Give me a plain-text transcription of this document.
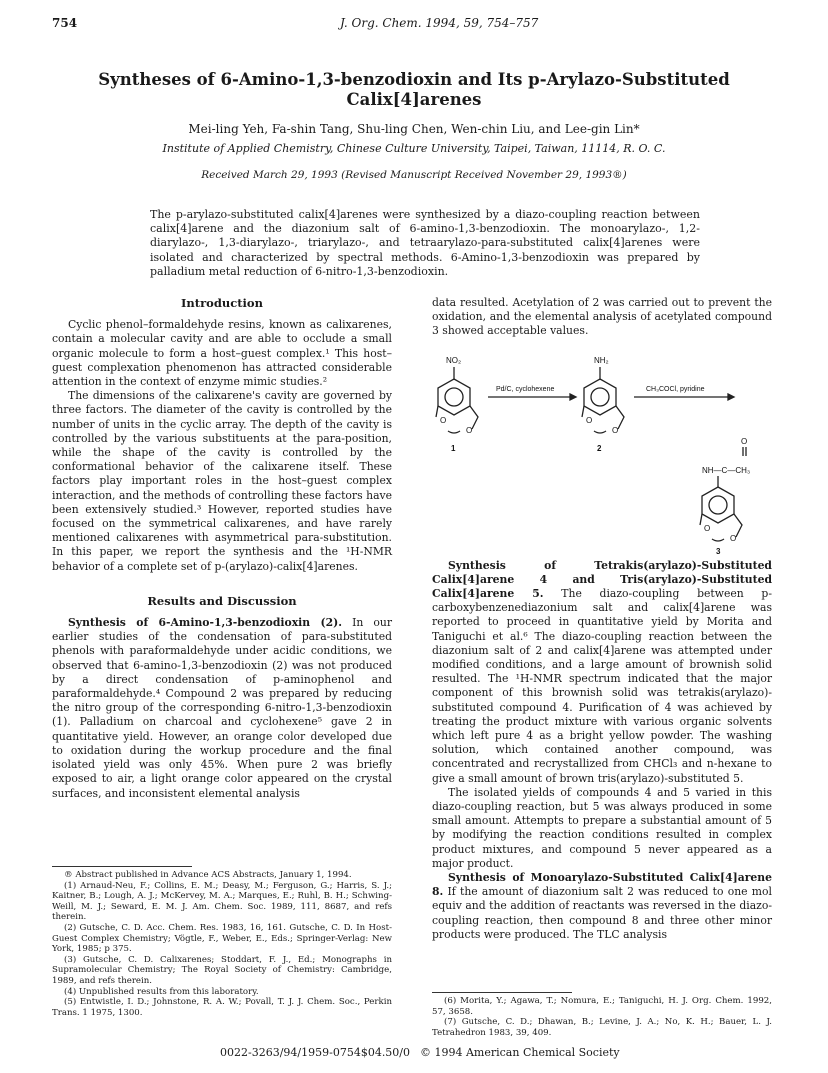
754	J. Org. Chem. 1994, 59, 754–757
Syntheses of 6-Amino-1,3-benzodioxin and Its p-Arylazo-Substituted Calix[4]arenes
Mei-ling Yeh, Fa-shin Tang, Shu-ling Chen, Wen-chin Liu, and Lee-gin Lin*
Institute of Applied Chemistry, Chinese Culture University, Taipei, Taiwan, 11114, R. O. C.
Received March 29, 1993 (Revised Manuscript Received November 29, 1993®)
The p-arylazo-substituted calix[4]arenes were synthesized by a diazo-coupling reaction between calix[4]arene and the diazonium salt of 6-amino-1,3-benzodioxin. The monoarylazo-, 1,2-diarylazo-, 1,3-diarylazo-, triarylazo-, and tetraarylazo-para-substituted calix[4]arenes were isolated and characterized by spectral methods. 6-Amino-1,3-benzodioxin was prepared by palladium metal reduction of 6-nitro-1,3-benzodioxin.
Introduction

Cyclic phenol–formaldehyde resins, known as calixarenes, contain a molecular cavity and are able to occlude a small organic molecule to form a host–guest complex.¹ This host–guest complexation phenomenon has attracted considerable attention in the context of enzyme mimic studies.²

The dimensions of the calixarene's cavity are governed by three factors. The diameter of the cavity is controlled by the number of units in the cyclic array. The depth of the cavity is controlled by the various substituents at the para-position, while the shape of the cavity is controlled by the conformational behavior of the calixarene itself. These factors play important roles in the host–guest complex interaction, and the methods of controlling these factors have been extensively studied.³ However, reported studies have focused on the symmetrical calixarenes, and have rarely mentioned calixarenes with asymmetrical para-substitution. In this paper, we report the synthesis and the ¹H-NMR behavior of a complete set of p-(arylazo)-calix[4]arenes.

Results and Discussion

Synthesis of 6-Amino-1,3-benzodioxin (2). In our earlier studies of the condensation of para-substituted phenols with paraformaldehyde under acidic conditions, we observed that 6-amino-1,3-benzodioxin (2) was not produced by a direct condensation of p-aminophenol and paraformaldehyde.⁴ Compound 2 was prepared by reducing the nitro group of the corresponding 6-nitro-1,3-benzodioxin (1). Palladium on charcoal and cyclohexene⁵ gave 2 in quantitative yield. However, an orange color developed due to oxidation during the workup procedure and the final isolated yield was only 45%. When pure 2 was briefly exposed to air, a light orange color appeared on the crystal surfaces, and inconsistent elemental analysis

® Abstract published in Advance ACS Abstracts, January 1, 1994.

(1) Arnaud-Neu, F.; Collins, E. M.; Deasy, M.; Ferguson, G.; Harris, S. J.; Kaitner, B.; Lough, A. J.; McKervey, M. A.; Marques, E.; Ruhl, B. H.; Schwing-Weill, M. J.; Seward, E. M. J. Am. Chem. Soc. 1989, 111, 8687, and refs therein.

(2) Gutsche, C. D. Acc. Chem. Res. 1983, 16, 161. Gutsche, C. D. In Host-Guest Complex Chemistry; Vögtle, F., Weber, E., Eds.; Springer-Verlag: New York, 1985; p 375.

(3) Gutsche, C. D. Calixarenes; Stoddart, F. J., Ed.; Monographs in Supramolecular Chemistry; The Royal Society of Chemistry: Cambridge, 1989, and refs therein.

(4) Unpublished results from this laboratory.

(5) Entwistle, I. D.; Johnstone, R. A. W.; Povall, T. J. J. Chem. Soc., Perkin Trans. 1 1975, 1300.

data resulted. Acetylation of 2 was carried out to prevent the oxidation, and the elemental analysis of acetylated compound 3 showed acceptable values.

Synthesis of Tetrakis(arylazo)-Substituted Calix[4]arene 4 and Tris(arylazo)-Substituted Calix[4]arene 5. The diazo-coupling between p-carboxybenzenediazonium salt and calix[4]arene was reported to proceed in quantitative yield by Morita and Taniguchi et al.⁶ The diazo-coupling reaction between the diazonium salt of 2 and calix[4]arene was attempted under modified conditions, and a large amount of brownish solid resulted. The ¹H-NMR spectrum indicated that the major component of this brownish solid was tetrakis(arylazo)-substituted compound 4. Purification of 4 was achieved by treating the product mixture with various organic solvents which left pure 4 as a bright yellow powder. The washing solution, which contained another compound, was concentrated and recrystallized from CHCl₃ and n-hexane to give a small amount of brown tris(arylazo)-substituted 5.

The isolated yields of compounds 4 and 5 varied in this diazo-coupling reaction, but 5 was always produced in some small amount. Attempts to prepare a substantial amount of 5 by modifying the reaction conditions resulted in complex product mixtures, and compound 5 never appeared as a major product.

Synthesis of Monoarylazo-Substituted Calix[4]arene 8. If the amount of diazonium salt 2 was reduced to one mol equiv and the addition of reactants was reversed in the diazo-coupling reaction, then compound 8 and three other minor products were produced. The TLC analysis

NO₂	NH₂
Pd/C, cyclohexene	CH₃COCl, pyridine
O
O
O
O
O
O
1	2
3
NH—C—CH₃
O

(6) Morita, Y.; Agawa, T.; Nomura, E.; Taniguchi, H. J. Org. Chem. 1992, 57, 3658.

(7) Gutsche, C. D.; Dhawan, B.; Levine, J. A.; No, K. H.; Bauer, L. J. Tetrahedron 1983, 39, 409.

0022-3263/94/1959-0754$04.50/0 © 1994 American Chemical Society
